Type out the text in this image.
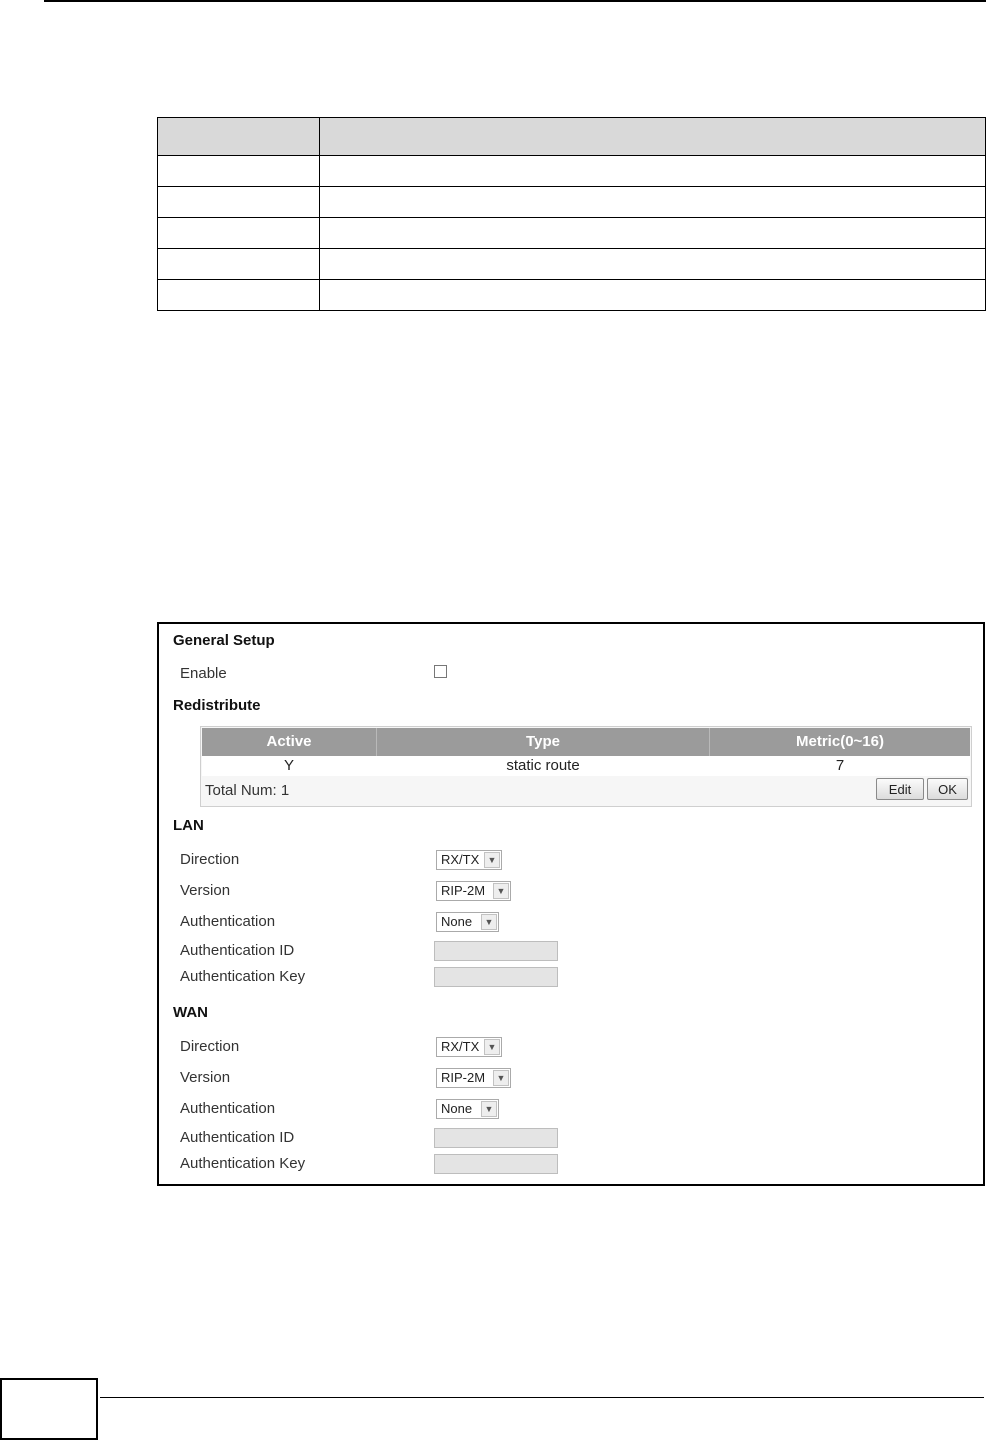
General Setup
Enable
Redistribute
Active	Type	Metric(0~16)
Y	static route	7
Total Num: 1	Edit	OK
LAN
Direction	RX/TX ▼
Version	RIP-2M	▼
Authentication	None	▼
Authentication ID
Authentication Key
WAN
Direction	RX/TX ▼
Version	RIP-2M	▼
Authentication	None	▼
Authentication ID
Authentication Key
